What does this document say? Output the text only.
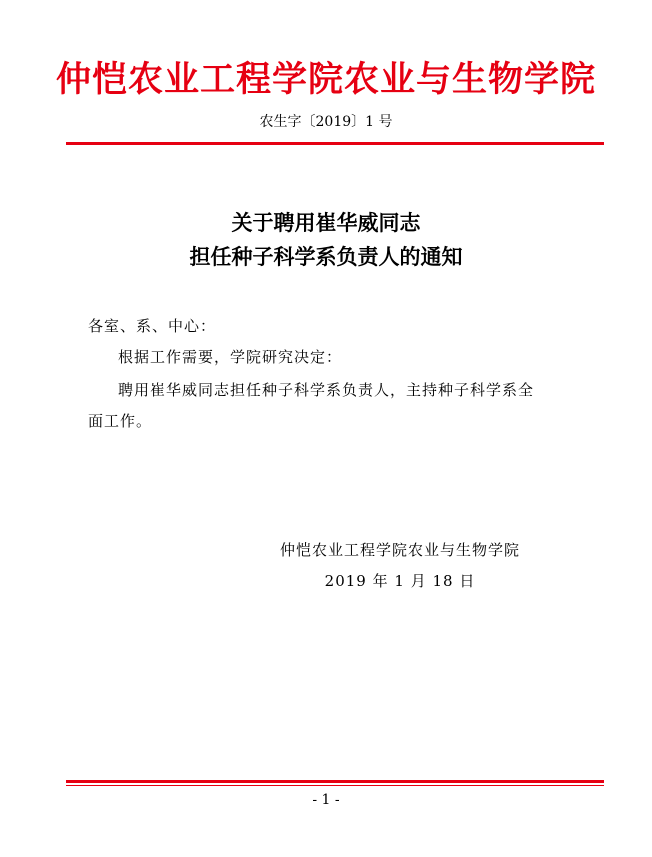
仲恺农业工程学院农业与生物学院
农生字〔2019〕1 号
关于聘用崔华威同志
担任种子科学系负责人的通知
各室、系、中心：
根据工作需要，学院研究决定：
聘用崔华威同志担任种子科学系负责人，主持种子科学系全
面工作。
仲恺农业工程学院农业与生物学院
2019 年 1 月 18 日
- 1 -
